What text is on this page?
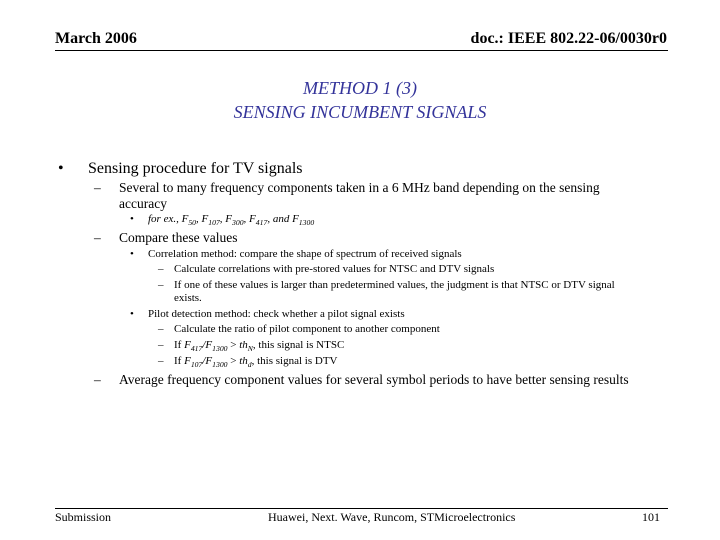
March 2006	doc.: IEEE 802.22-06/0030r0
METHOD 1 (3)
SENSING INCUMBENT SIGNALS
• Sensing procedure for TV signals
– Several to many frequency components taken in a 6 MHz band depending on the sensing
accuracy
• for ex., $F_{50}$, $F_{107}$, $F_{300}$, $F_{417}$, and $F_{1300}$
– Compare these values
• Correlation method: compare the shape of spectrum of received signals
– Calculate correlations with pre-stored values for NTSC and DTV signals
– If one of these values is larger than predetermined values, the judgment is that NTSC or DTV signal
exists.
• Pilot detection method: check whether a pilot signal exists
– Calculate the ratio of pilot component to another component
– If $F_{417}/F_{1300} > th_N$, this signal is NTSC
– If $F_{107}/F_{1300} > th_d$, this signal is DTV
– Average frequency component values for several symbol periods to have better sensing results
Submission	Huawei, Next. Wave, Runcom, STMicroelectronics	101
